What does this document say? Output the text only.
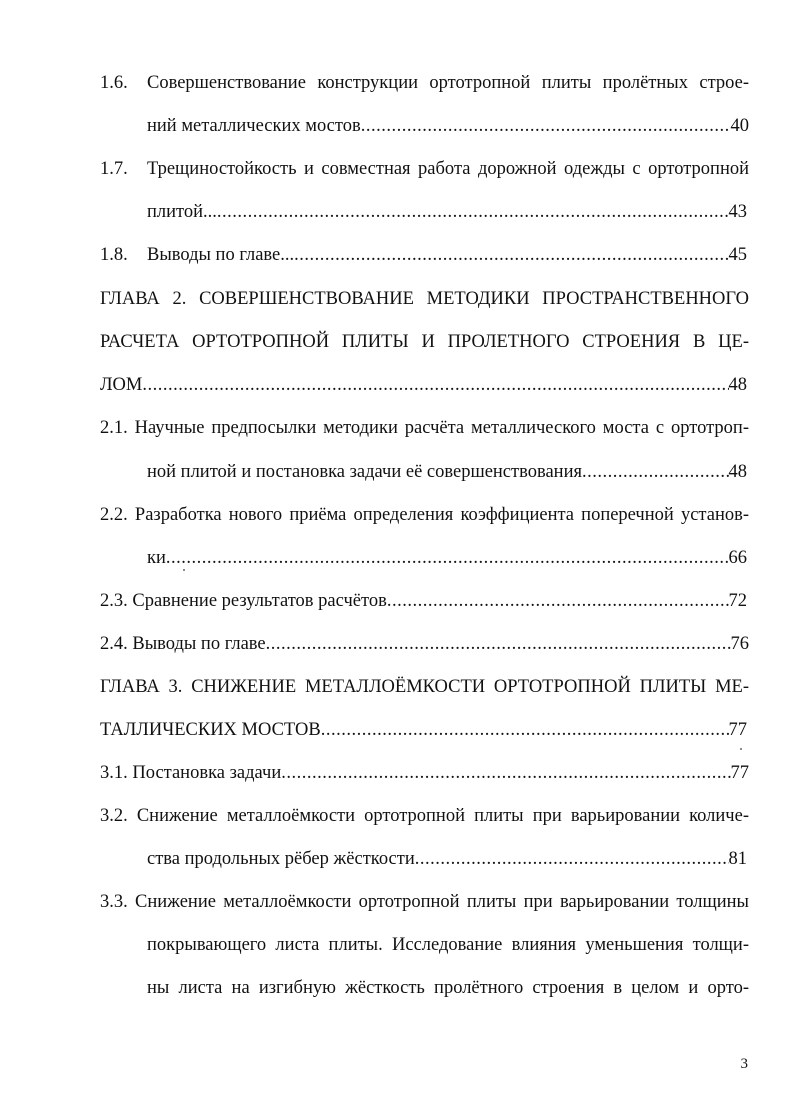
1.6. Совершенствование конструкции ортотропной плиты пролётных строе-
ний металлических мостов .....	40
1.7. Трещиностойкость и совместная работа дорожной одежды с ортотропной
плитой... .....	43
1.8. Выводы по главе... .....	45
ГЛАВА 2. СОВЕРШЕНСТВОВАНИЕ МЕТОДИКИ ПРОСТРАНСТВЕННОГО
РАСЧЕТА ОРТОТРОПНОЙ ПЛИТЫ И ПРОЛЕТНОГО СТРОЕНИЯ В ЦЕ-
ЛОМ .....	48
2.1. Научные предпосылки методики расчёта металлического моста с ортотроп-
ной плитой и постановка задачи её совершенствования .....	48
2.2. Разработка нового приёма определения коэффициента поперечной установ-
ки .....	66
2.3. Сравнение результатов расчётов .....	72
2.4. Выводы по главе .....	76
ГЛАВА 3. СНИЖЕНИЕ МЕТАЛЛОЁМКОСТИ ОРТОТРОПНОЙ ПЛИТЫ МЕ-
ТАЛЛИЧЕСКИХ МОСТОВ .....	77
3.1. Постановка задачи .....	77
3.2. Снижение металлоёмкости ортотропной плиты при варьировании количе-
ства продольных рёбер жёсткости .....	81
3.3. Снижение металлоёмкости ортотропной плиты при варьировании толщины
покрывающего листа плиты. Исследование влияния уменьшения толщи-
ны листа на изгибную жёсткость пролётного строения в целом и орто-
3
